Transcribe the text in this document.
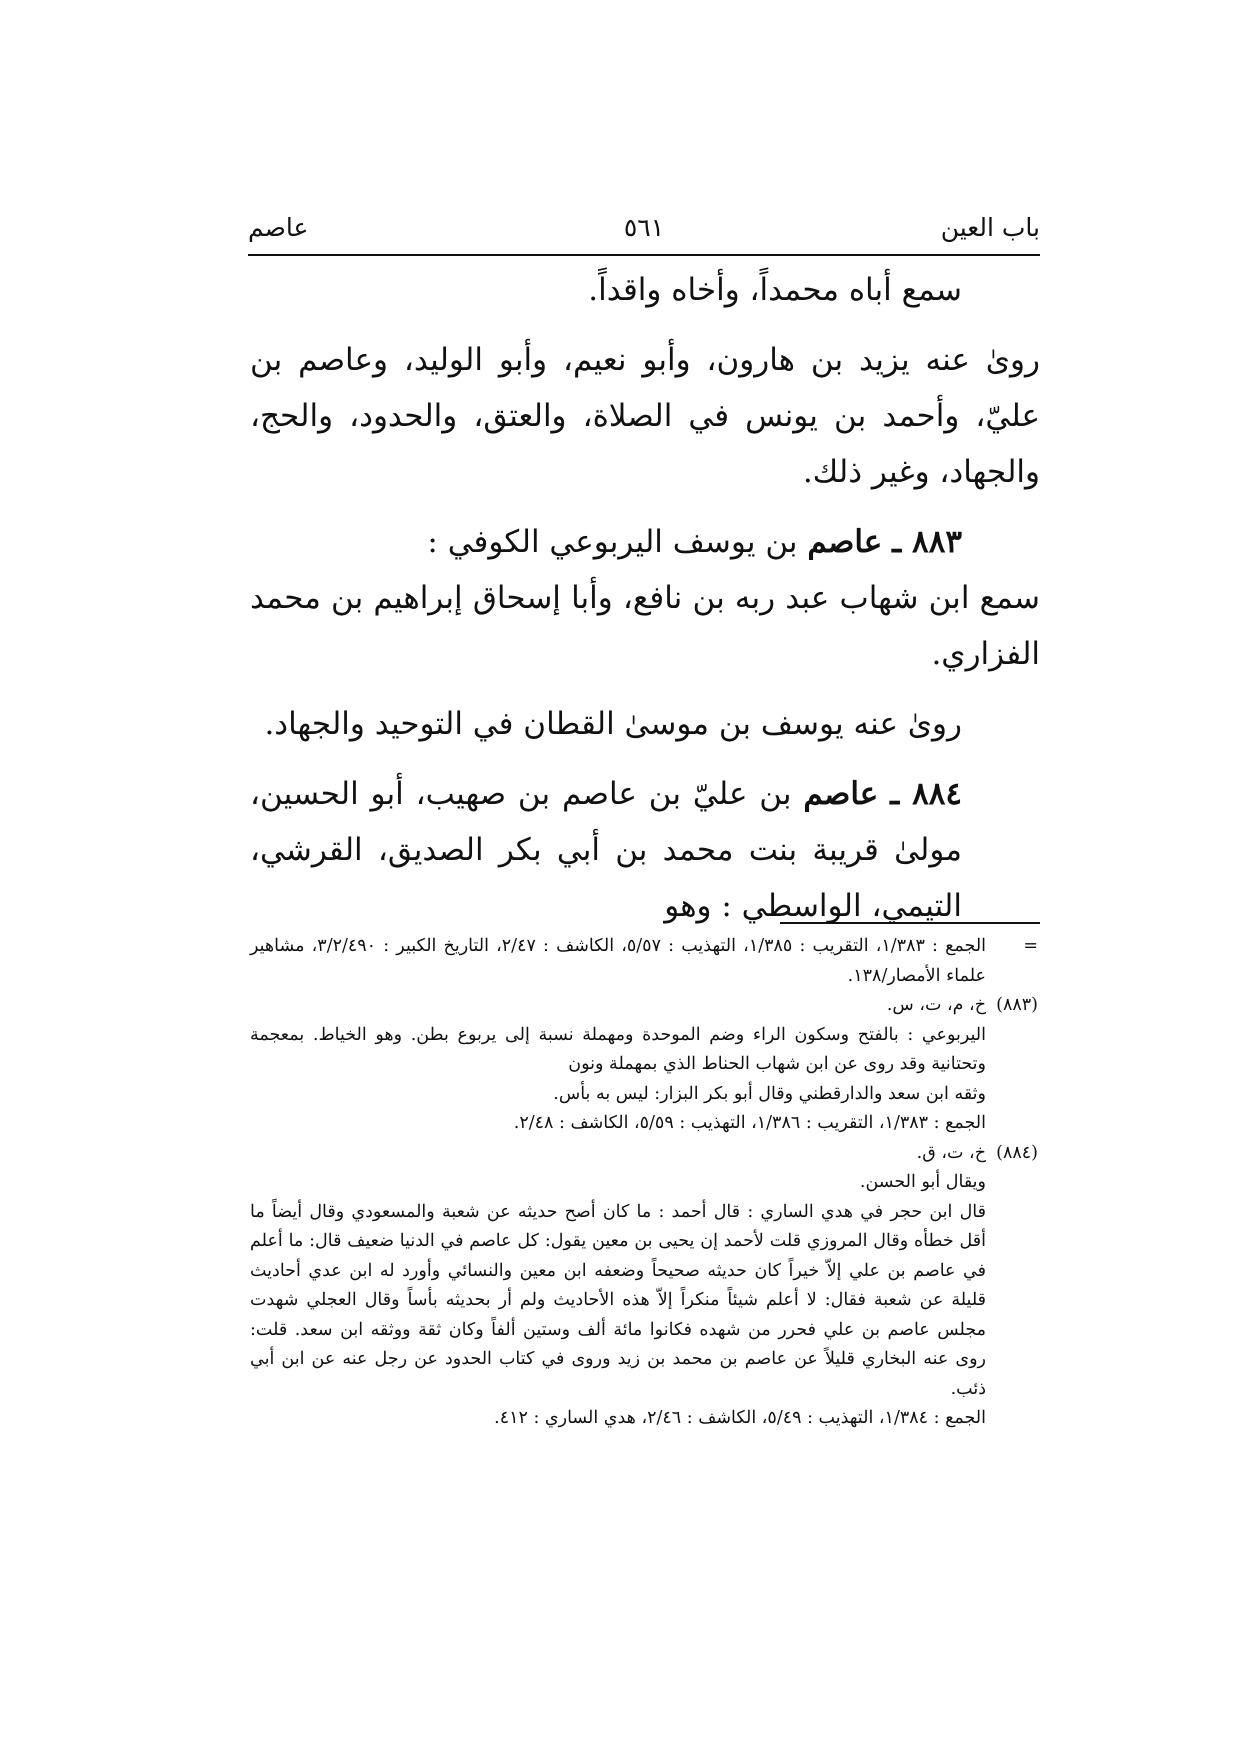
باب العين
٥٦١
عاصم

سمع أباه محمداً، وأخاه واقداً.

روىٰ عنه يزيد بن هارون، وأبو نعيم، وأبو الوليد، وعاصم بن عليّ، وأحمد بن يونس في الصلاة، والعتق، والحدود، والحج، والجهاد، وغير ذلك.

٨٨٣ ـ عاصم بن يوسف اليربوعي الكوفي :

سمع ابن شهاب عبد ربه بن نافع، وأبا إسحاق إبراهيم بن محمد الفزاري.

روىٰ عنه يوسف بن موسىٰ القطان في التوحيد والجهاد.

٨٨٤ ـ عاصم بن عليّ بن عاصم بن صهيب، أبو الحسين، مولىٰ قريبة بنت محمد بن أبي بكر الصديق، القرشي، التيمي، الواسطي : وهو

=
الجمع : ١/٣٨٣، التقريب : ١/٣٨٥، التهذيب : ٥/٥٧، الكاشف : ٢/٤٧، التاريخ الكبير : ٣/٢/٤٩٠، مشاهير علماء الأمصار/١٣٨.

(٨٨٣)
خ، م، ت، س.

اليربوعي : بالفتح وسكون الراء وضم الموحدة ومهملة نسبة إلى يربوع بطن. وهو الخياط. بمعجمة وتحتانية وقد روى عن ابن شهاب الحناط الذي بمهملة ونون

وثقه ابن سعد والدارقطني وقال أبو بكر البزار: ليس به بأس.

الجمع : ١/٣٨٣، التقريب : ١/٣٨٦، التهذيب : ٥/٥٩، الكاشف : ٢/٤٨.

(٨٨٤)
خ، ت، ق.

ويقال أبو الحسن.

قال ابن حجر في هدي الساري : قال أحمد : ما كان أصح حديثه عن شعبة والمسعودي وقال أيضاً ما أقل خطأه وقال المروزي قلت لأحمد إن يحيى بن معين يقول: كل عاصم في الدنيا ضعيف قال: ما أعلم في عاصم بن علي إلاّ خيراً كان حديثه صحيحاً وضعفه ابن معين والنسائي وأورد له ابن عدي أحاديث قليلة عن شعبة فقال: لا أعلم شيئاً منكراً إلاّ هذه الأحاديث ولم أر بحديثه بأساً وقال العجلي شهدت مجلس عاصم بن علي فحرر من شهده فكانوا مائة ألف وستين ألفاً وكان ثقة ووثقه ابن سعد. قلت: روى عنه البخاري قليلاً عن عاصم بن محمد بن زيد وروى في كتاب الحدود عن رجل عنه عن ابن أبي ذئب.

الجمع : ١/٣٨٤، التهذيب : ٥/٤٩، الكاشف : ٢/٤٦، هدي الساري : ٤١٢.
